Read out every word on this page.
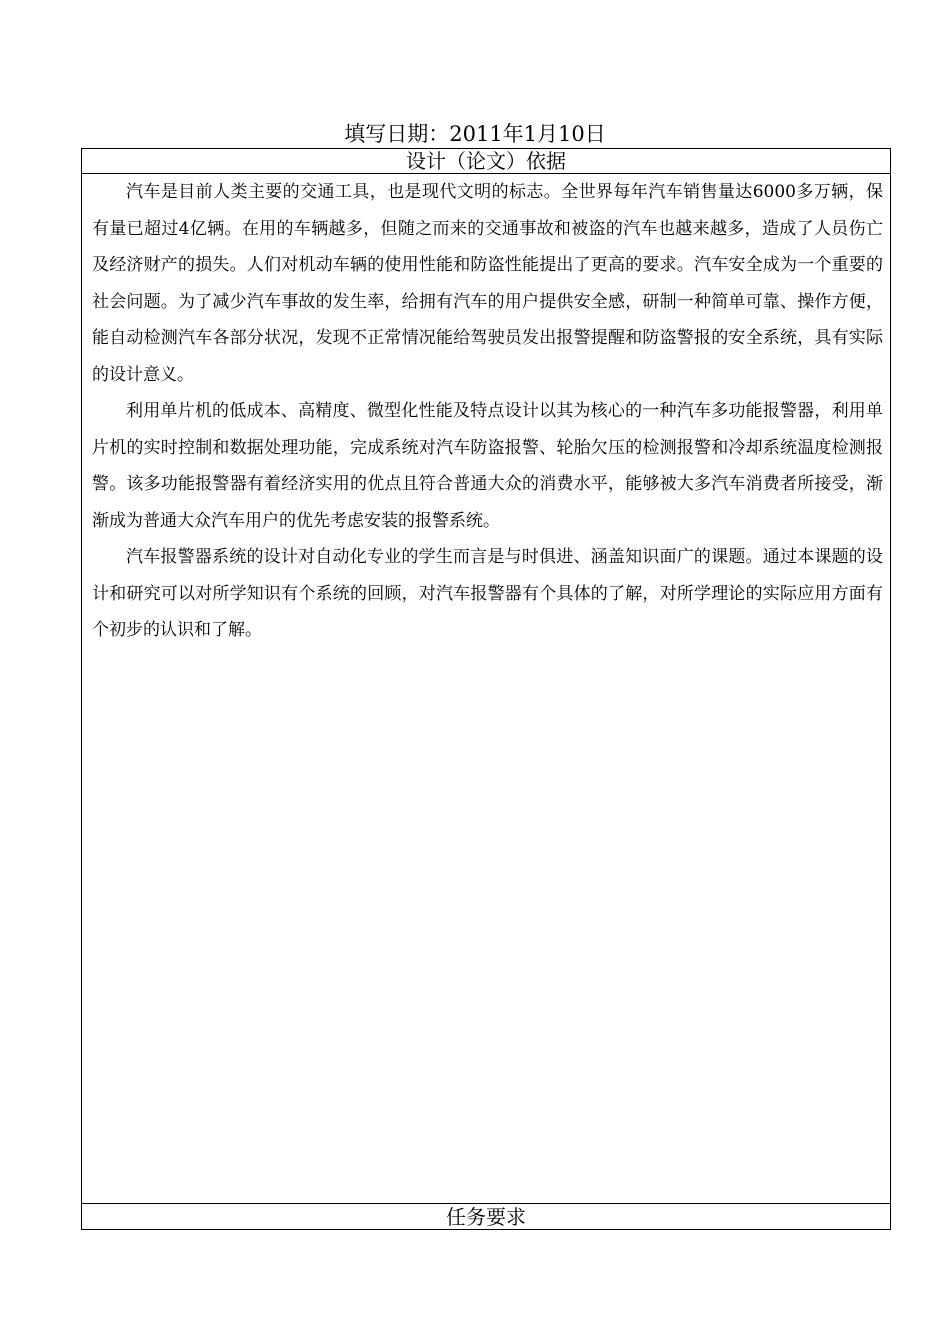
填写日期：2011年1月10日
设计（论文）依据

汽车是目前人类主要的交通工具，也是现代文明的标志。全世界每年汽车销售量达6000多万辆，保有量已超过4亿辆。在用的车辆越多，但随之而来的交通事故和被盗的汽车也越来越多，造成了人员伤亡及经济财产的损失。人们对机动车辆的使用性能和防盗性能提出了更高的要求。汽车安全成为一个重要的社会问题。为了减少汽车事故的发生率，给拥有汽车的用户提供安全感，研制一种简单可靠、操作方便，能自动检测汽车各部分状况，发现不正常情况能给驾驶员发出报警提醒和防盗警报的安全系统，具有实际的设计意义。

利用单片机的低成本、高精度、微型化性能及特点设计以其为核心的一种汽车多功能报警器，利用单片机的实时控制和数据处理功能，完成系统对汽车防盗报警、轮胎欠压的检测报警和冷却系统温度检测报警。该多功能报警器有着经济实用的优点且符合普通大众的消费水平，能够被大多汽车消费者所接受，渐渐成为普通大众汽车用户的优先考虑安装的报警系统。

汽车报警器系统的设计对自动化专业的学生而言是与时俱进、涵盖知识面广的课题。通过本课题的设计和研究可以对所学知识有个系统的回顾，对汽车报警器有个具体的了解，对所学理论的实际应用方面有个初步的认识和了解。

任务要求
